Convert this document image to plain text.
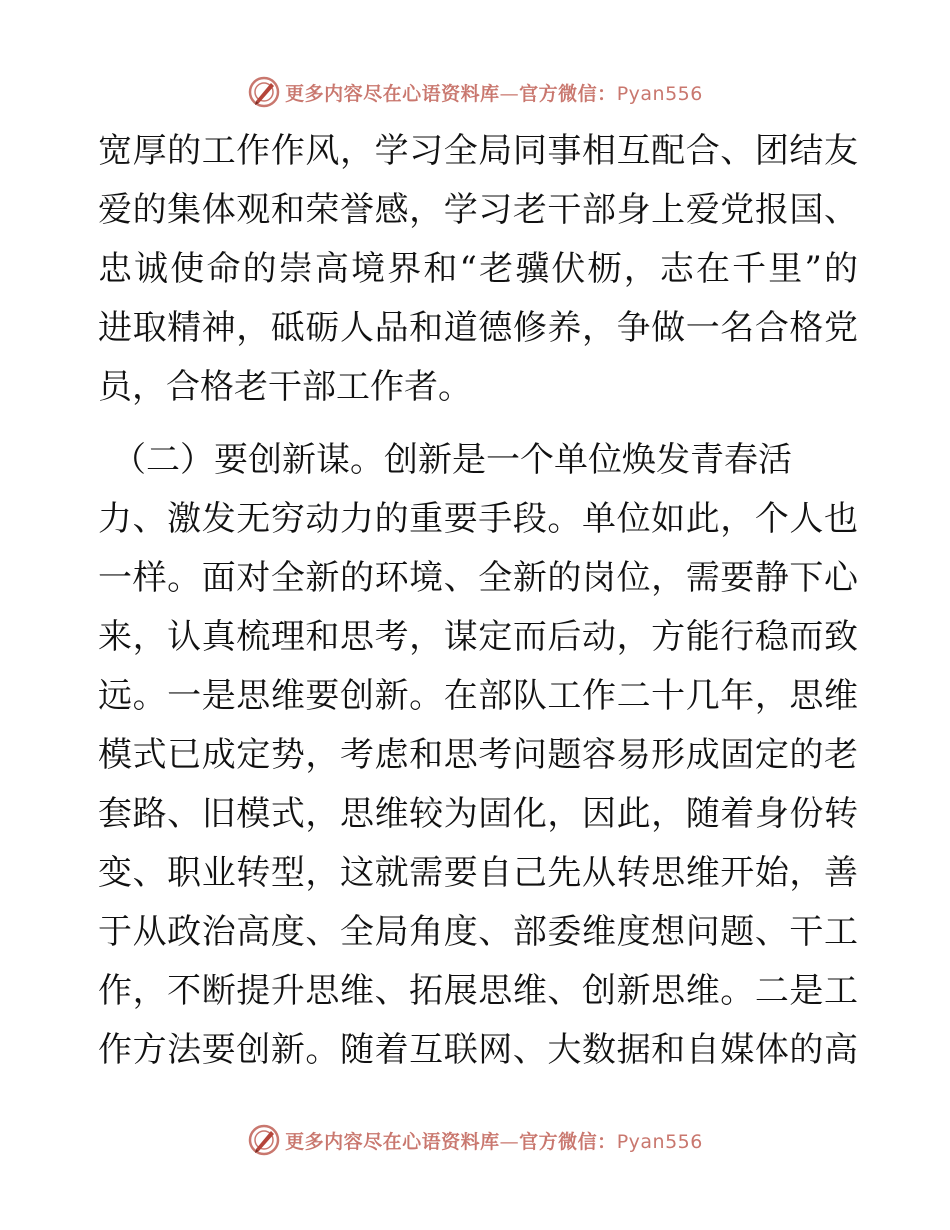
更多内容尽在心语资料库—官方微信：Pyan556
宽厚的工作作风，学习全局同事相互配合、团结友
爱的集体观和荣誉感，学习老干部身上爱党报国、
忠诚使命的崇高境界和“老骥伏枥，志在千里”的
进取精神，砥砺人品和道德修养，争做一名合格党
员，合格老干部工作者。
（二）要创新谋。创新是一个单位焕发青春活
力、激发无穷动力的重要手段。单位如此，个人也
一样。面对全新的环境、全新的岗位，需要静下心
来，认真梳理和思考，谋定而后动，方能行稳而致
远。一是思维要创新。在部队工作二十几年，思维
模式已成定势，考虑和思考问题容易形成固定的老
套路、旧模式，思维较为固化，因此，随着身份转
变、职业转型，这就需要自己先从转思维开始，善
于从政治高度、全局角度、部委维度想问题、干工
作，不断提升思维、拓展思维、创新思维。二是工
作方法要创新。随着互联网、大数据和自媒体的高
更多内容尽在心语资料库—官方微信：Pyan556
